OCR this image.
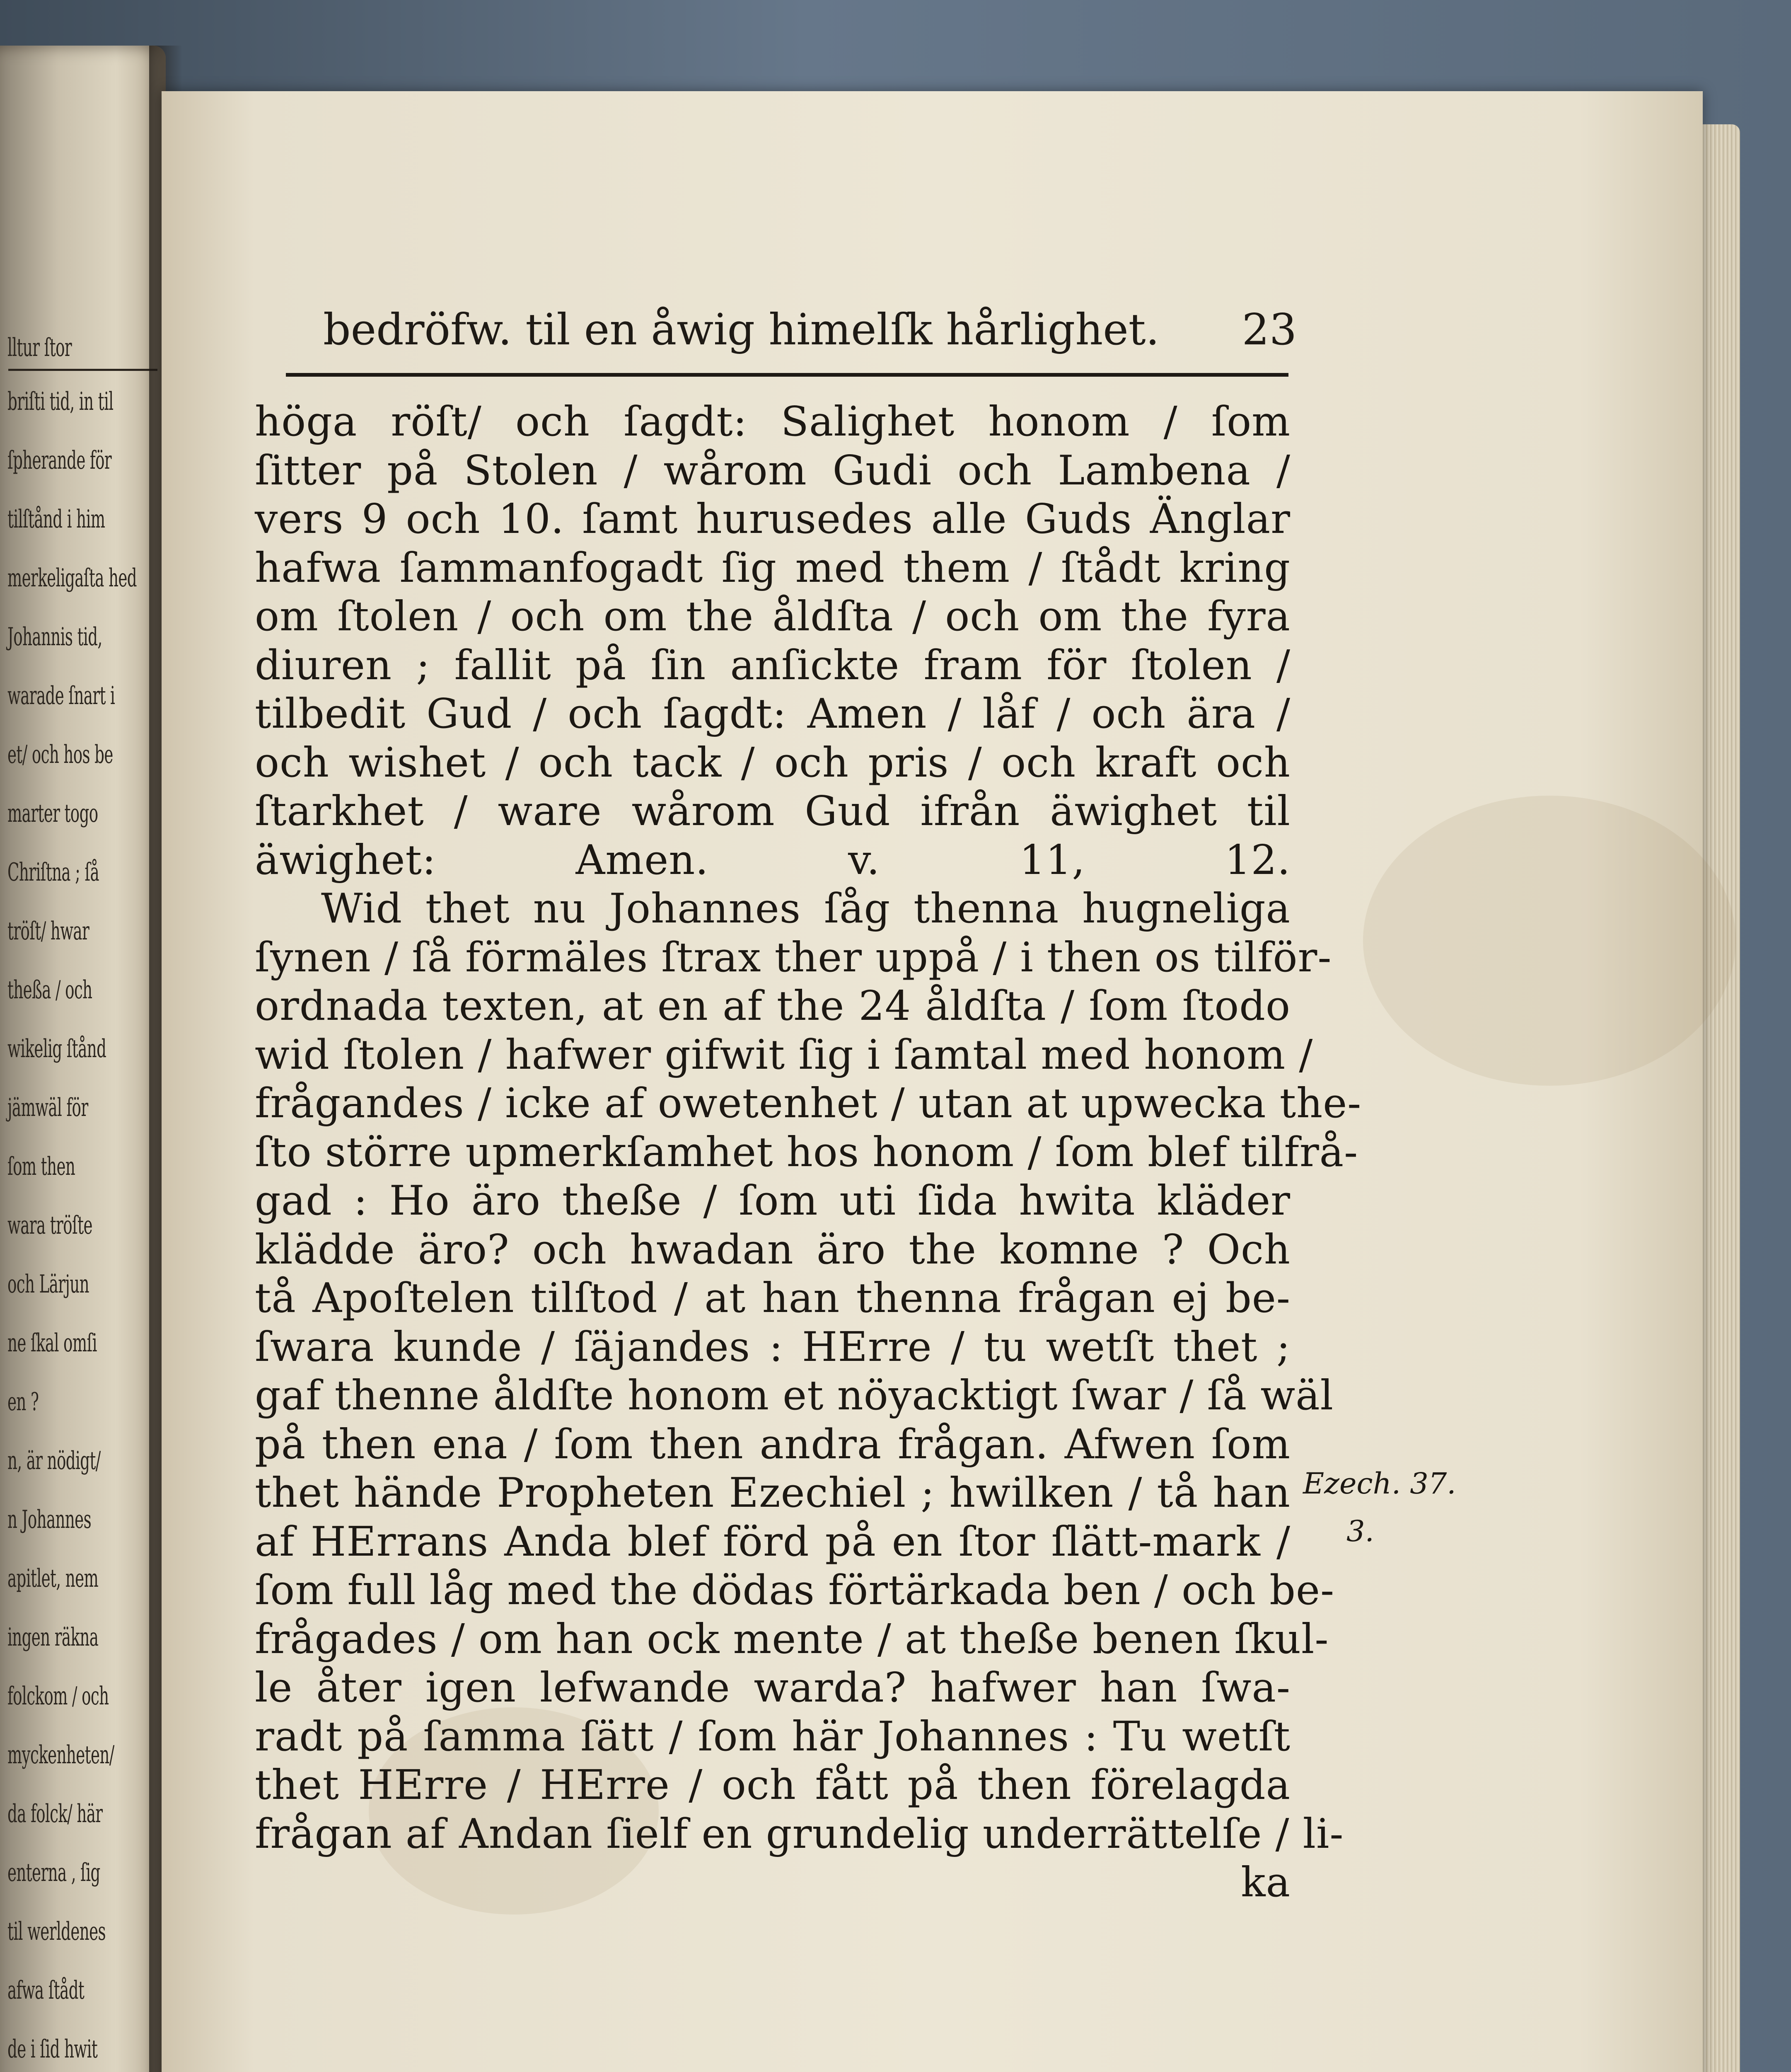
lltur ſtor
briſti tid, in til
ſpherande för
tilſtånd i him
merkeligaſta hed
Johannis tid,
warade ſnart i
et/ och hos be
marter togo
Chriſtna ; ſå
tröſt/ hwar
theßa / och
wikelig ſtånd
jämwäl för
ſom then
wara tröſte
och Lärjun
ne ſkal omſi
en ?
n, är nödigt/
n Johannes
apitlet, nem
ingen räkna
folckom / och
myckenheten/
da folck/ här
enterna , ſig
til werldenes
afwa ſtådt
de i ſid hwit
bedröfw. til en åwig himelſk hårlighet. 23
höga röſt/ och ſagdt: Salighet honom / ſom
ſitter på Stolen / wårom Gudi och Lambena /
vers 9 och 10. ſamt hurusedes alle Guds Änglar
hafwa ſammanfogadt ſig med them / ſtådt kring
om ſtolen / och om the åldſta / och om the fyra
diuren ; fallit på ſin anſickte fram för ſtolen /
tilbedit Gud / och ſagdt: Amen / låf / och ära /
och wishet / och tack / och pris / och kraft och
ſtarkhet / ware wårom Gud ifrån äwighet til
äwighet: Amen. v. 11, 12.
Wid thet nu Johannes ſåg thenna hugneliga
ſynen / ſå förmäles ſtrax ther uppå / i then os tilför-
ordnada texten, at en af the 24 åldſta / ſom ſtodo
wid ſtolen / hafwer gifwit ſig i ſamtal med honom /
frågandes / icke af owetenhet / utan at upwecka the-
ſto större upmerkſamhet hos honom / ſom blef tilfrå-
gad : Ho äro theße / ſom uti ſida hwita kläder
klädde äro? och hwadan äro the komne ? Och
tå Apoſtelen tilſtod / at han thenna frågan ej be-
ſwara kunde / ſäjandes : HErre / tu wetſt thet ;
gaf thenne åldſte honom et nöyacktigt ſwar / ſå wäl
på then ena / ſom then andra frågan. Afwen ſom
thet hände Propheten Ezechiel ; hwilken / tå han
af HErrans Anda blef förd på en ſtor ſlätt-mark /
ſom full låg med the dödas förtärkada ben / och be-
frågades / om han ock mente / at theße benen ſkul-
le åter igen lefwande warda? hafwer han ſwa-
radt på ſamma ſätt / ſom här Johannes : Tu wetſt
thet HErre / HErre / och fått på then förelagda
frågan af Andan ſielf en grundelig underrättelſe / li-
ka
Ezech. 37.
3.
